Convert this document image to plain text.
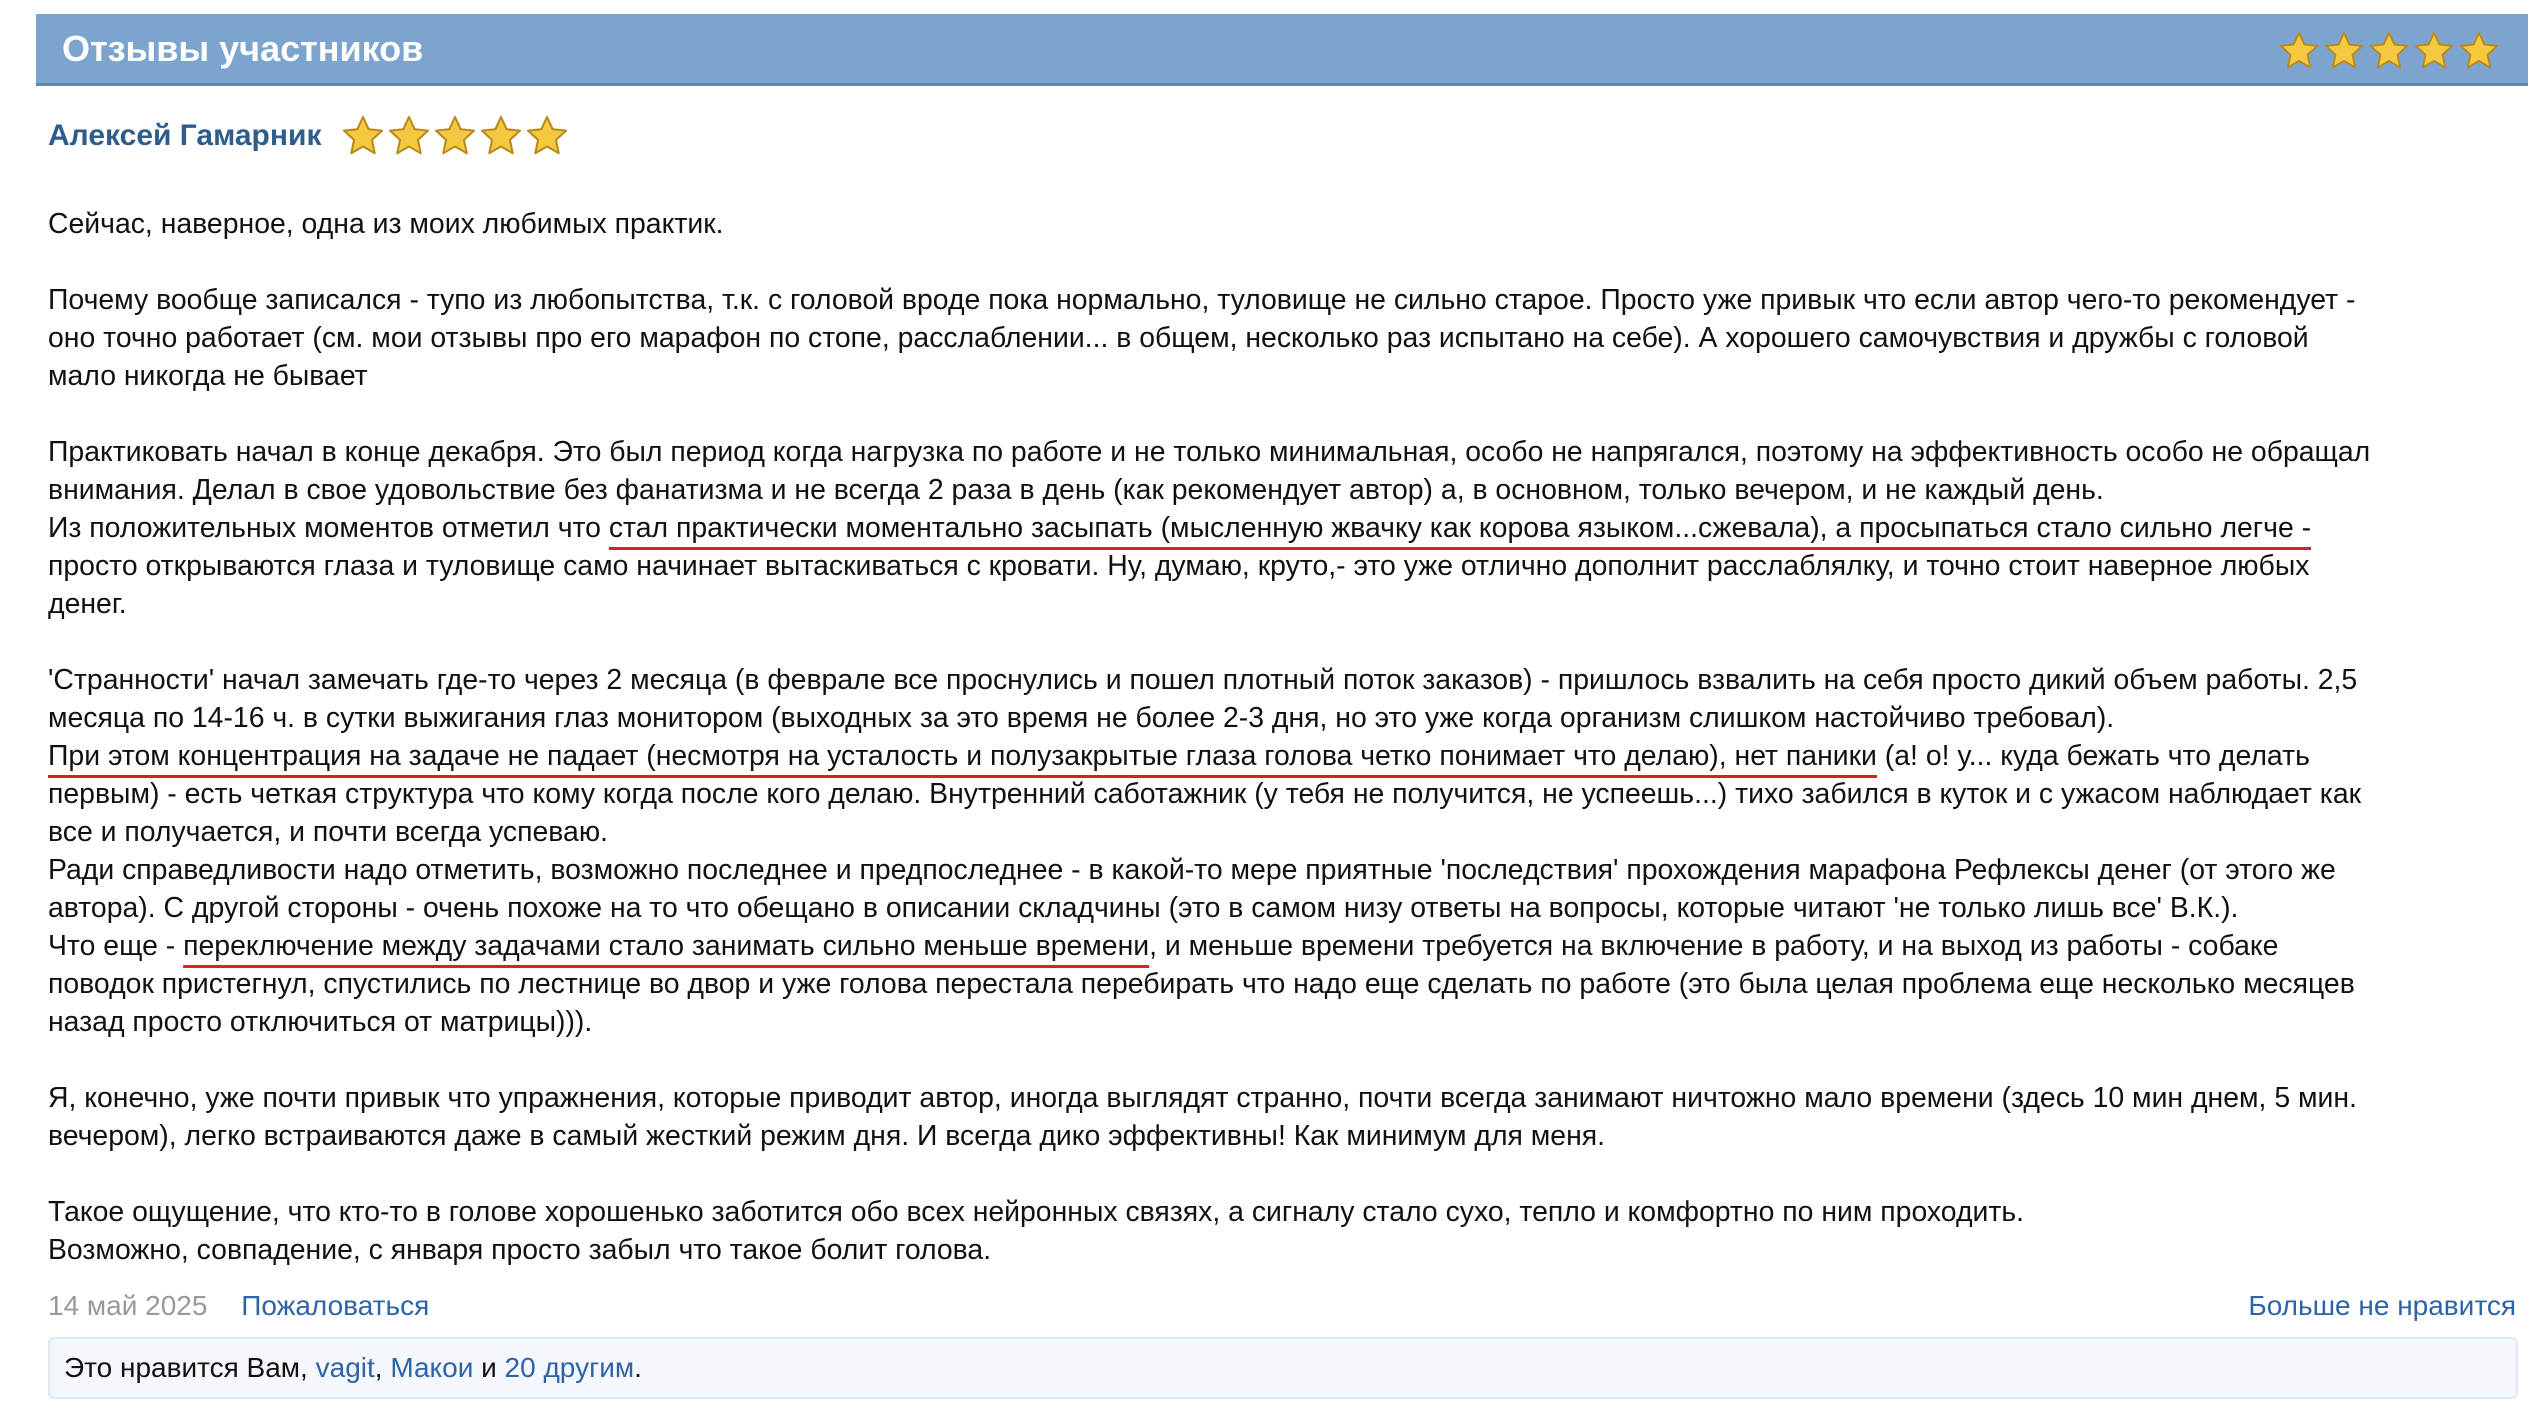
Отзывы участников
Алексей Гамарник
Сейчас, наверное, одна из моих любимых практик.
Почему вообще записался - тупо из любопытства, т.к. с головой вроде пока нормально, туловище не сильно старое. Просто уже привык что если автор чего-то рекомендует -
оно точно работает (см. мои отзывы про его марафон по стопе, расслаблении... в общем, несколько раз испытано на себе). А хорошего самочувствия и дружбы с головой
мало никогда не бывает
Практиковать начал в конце декабря. Это был период когда нагрузка по работе и не только минимальная, особо не напрягался, поэтому на эффективность особо не обращал
внимания. Делал в свое удовольствие без фанатизма и не всегда 2 раза в день (как рекомендует автор) а, в основном, только вечером, и не каждый день.
Из положительных моментов отметил что стал практически моментально засыпать (мысленную жвачку как корова языком...сжевала), а просыпаться стало сильно легче -
просто открываются глаза и туловище само начинает вытаскиваться с кровати. Ну, думаю, круто,- это уже отлично дополнит расслаблялку, и точно стоит наверное любых
денег.
'Странности' начал замечать где-то через 2 месяца (в феврале все проснулись и пошел плотный поток заказов) - пришлось взвалить на себя просто дикий объем работы. 2,5
месяца по 14-16 ч. в сутки выжигания глаз монитором (выходных за это время не более 2-3 дня, но это уже когда организм слишком настойчиво требовал).
При этом концентрация на задаче не падает (несмотря на усталость и полузакрытые глаза голова четко понимает что делаю), нет паники (а! о! у... куда бежать что делать
первым) - есть четкая структура что кому когда после кого делаю. Внутренний саботажник (у тебя не получится, не успеешь...) тихо забился в куток и с ужасом наблюдает как
все и получается, и почти всегда успеваю.
Ради справедливости надо отметить, возможно последнее и предпоследнее - в какой-то мере приятные 'последствия' прохождения марафона Рефлексы денег (от этого же
автора). С другой стороны - очень похоже на то что обещано в описании складчины (это в самом низу ответы на вопросы, которые читают 'не только лишь все' В.К.).
Что еще - переключение между задачами стало занимать сильно меньше времени, и меньше времени требуется на включение в работу, и на выход из работы - собаке
поводок пристегнул, спустились по лестнице во двор и уже голова перестала перебирать что надо еще сделать по работе (это была целая проблема еще несколько месяцев
назад просто отключиться от матрицы))).
Я, конечно, уже почти привык что упражнения, которые приводит автор, иногда выглядят странно, почти всегда занимают ничтожно мало времени (здесь 10 мин днем, 5 мин.
вечером), легко встраиваются даже в самый жесткий режим дня. И всегда дико эффективны! Как минимум для меня.
Такое ощущение, что кто-то в голове хорошенько заботится обо всех нейронных связях, а сигналу стало сухо, тепло и комфортно по ним проходить.
Возможно, совпадение, с января просто забыл что такое болит голова.
14 май 2025 Пожаловаться	Больше не нравится
Это нравится Вам, vagit, Макои и 20 другим.
